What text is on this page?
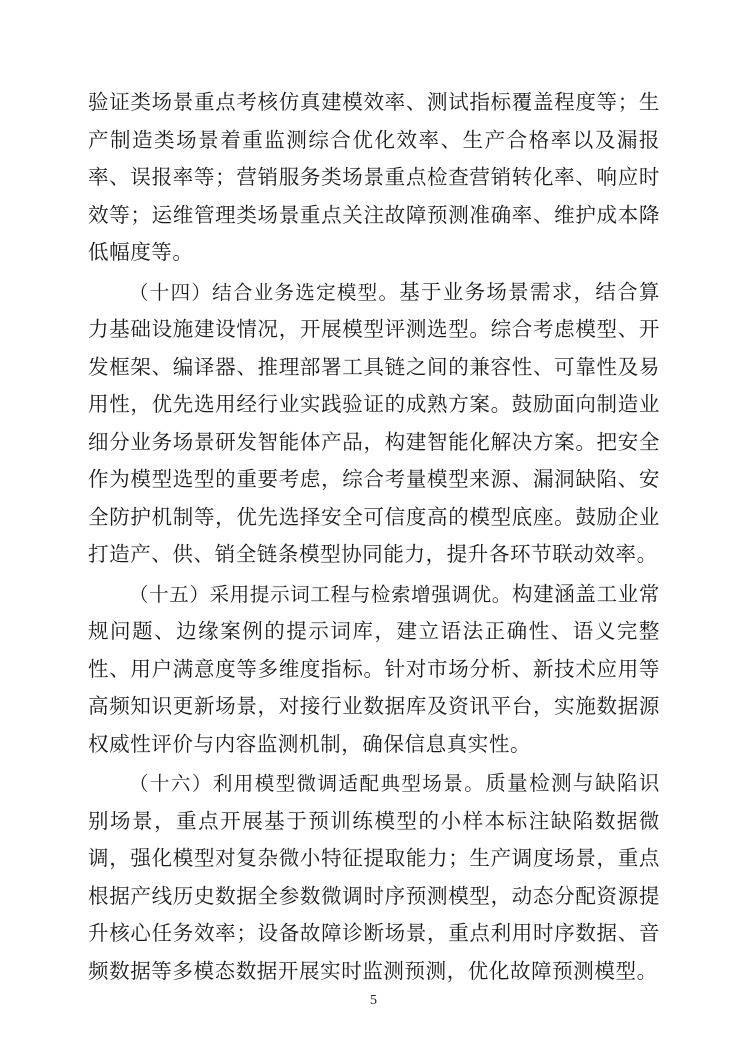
验证类场景重点考核仿真建模效率、测试指标覆盖程度等；生产制造类场景着重监测综合优化效率、生产合格率以及漏报率、误报率等；营销服务类场景重点检查营销转化率、响应时效等；运维管理类场景重点关注故障预测准确率、维护成本降低幅度等。

（十四）结合业务选定模型。基于业务场景需求，结合算力基础设施建设情况，开展模型评测选型。综合考虑模型、开发框架、编译器、推理部署工具链之间的兼容性、可靠性及易用性，优先选用经行业实践验证的成熟方案。鼓励面向制造业细分业务场景研发智能体产品，构建智能化解决方案。把安全作为模型选型的重要考虑，综合考量模型来源、漏洞缺陷、安全防护机制等，优先选择安全可信度高的模型底座。鼓励企业打造产、供、销全链条模型协同能力，提升各环节联动效率。

（十五）采用提示词工程与检索增强调优。构建涵盖工业常规问题、边缘案例的提示词库，建立语法正确性、语义完整性、用户满意度等多维度指标。针对市场分析、新技术应用等高频知识更新场景，对接行业数据库及资讯平台，实施数据源权威性评价与内容监测机制，确保信息真实性。

（十六）利用模型微调适配典型场景。质量检测与缺陷识别场景，重点开展基于预训练模型的小样本标注缺陷数据微调，强化模型对复杂微小特征提取能力；生产调度场景，重点根据产线历史数据全参数微调时序预测模型，动态分配资源提升核心任务效率；设备故障诊断场景，重点利用时序数据、音频数据等多模态数据开展实时监测预测，优化故障预测模型。

5
